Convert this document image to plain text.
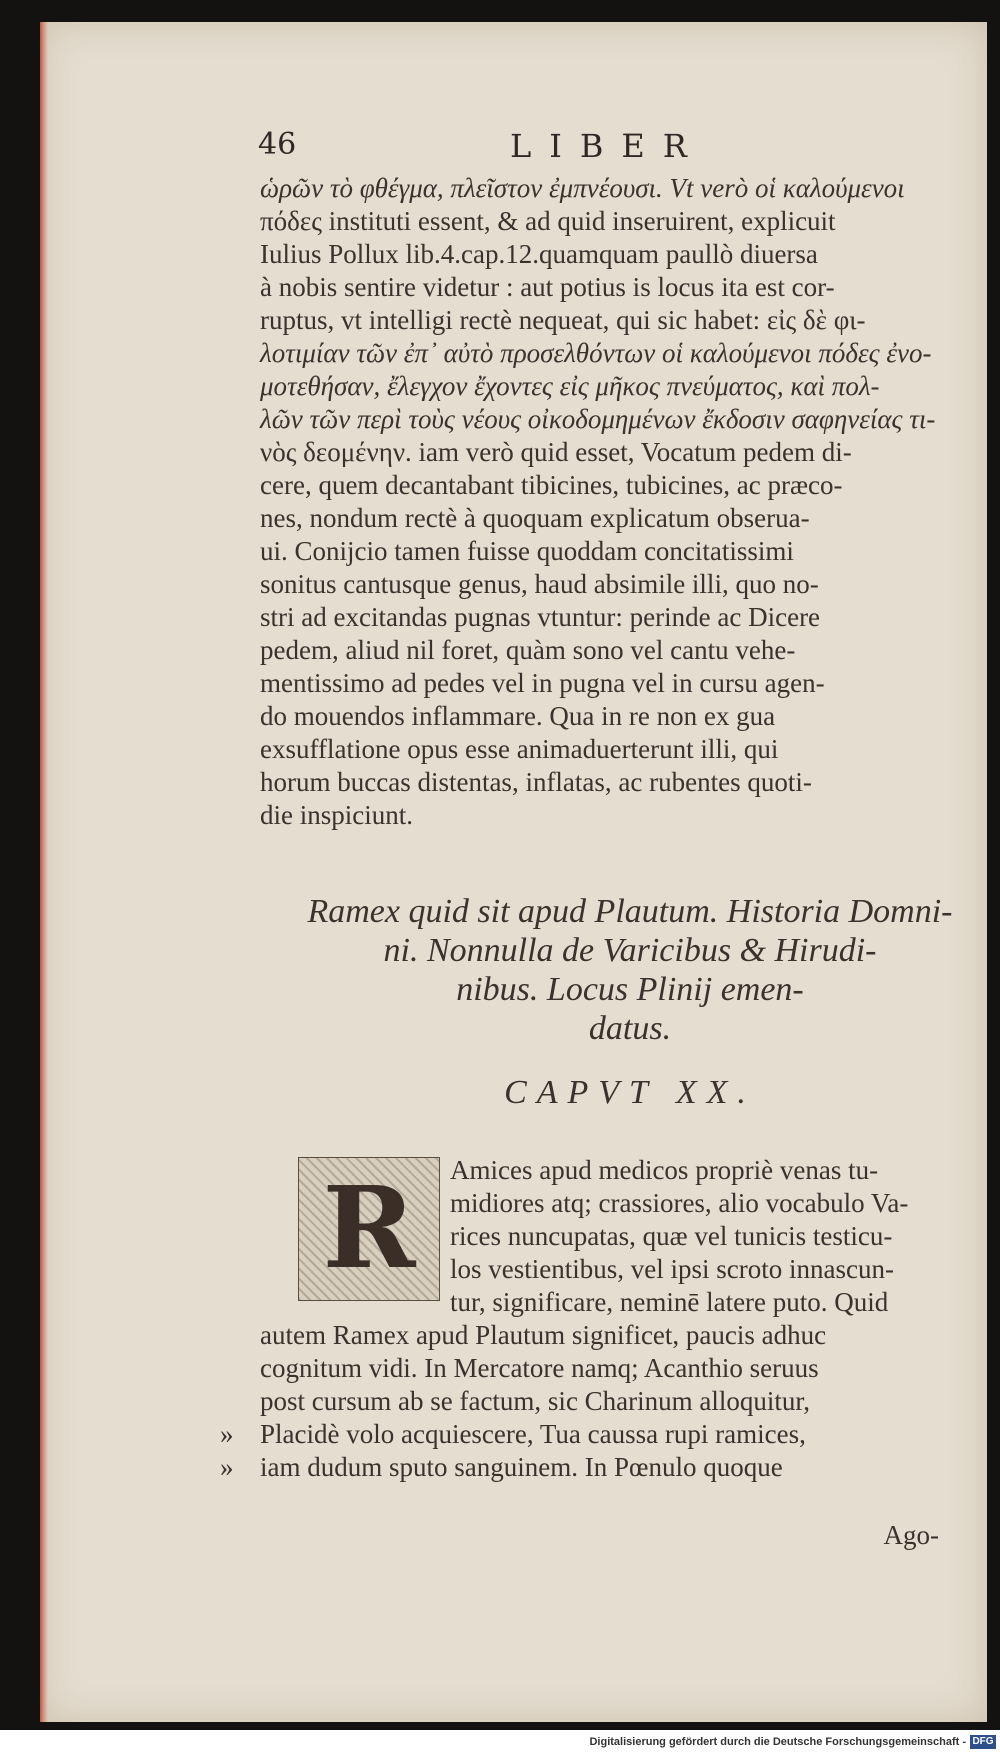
46	LIBER
ὡρῶν τὸ φθέγμα, πλεῖστον ἐμπνέουσι. Vt verò οἱ καλούμενοι
πόδες instituti essent, & ad quid inseruirent, explicuit
Iulius Pollux lib.4.cap.12.quamquam paullò diuersa
à nobis sentire videtur : aut potius is locus ita est cor-
ruptus, vt intelligi rectè nequeat, qui sic habet: εἰς δὲ φι-
λοτιμίαν τῶν ἐπ᾽ αὐτὸ προσελθόντων οἱ καλούμενοι πόδες ἐνο-
μοτεθήσαν, ἔλεγχον ἔχοντες εἰς μῆκος πνεύματος, καὶ πολ-
λῶν τῶν περὶ τοὺς νέους οἰκοδομημένων ἔκδοσιν σαφηνείας τι-
νὸς δεομένην. iam verò quid esset, Vocatum pedem di-
cere, quem decantabant tibicines, tubicines, ac præco-
nes, nondum rectè à quoquam explicatum obserua-
ui. Conijcio tamen fuisse quoddam concitatissimi
sonitus cantusque genus, haud absimile illi, quo no-
stri ad excitandas pugnas vtuntur: perinde ac Dicere
pedem, aliud nil foret, quàm sono vel cantu vehe-
mentissimo ad pedes vel in pugna vel in cursu agen-
do mouendos inflammare. Qua in re non ex gua
exsufflatione opus esse animaduerterunt illi, qui
horum buccas distentas, inflatas, ac rubentes quoti-
die inspiciunt.
Ramex quid sit apud Plautum. Historia Domni-
ni. Nonnulla de Varicibus & Hirudi-
nibus. Locus Plinij emen-
datus.
CAPVT XX.
R Amices apud medicos propriè venas tu-
midiores atq; crassiores, alio vocabulo Va-
rices nuncupatas, quæ vel tunicis testicu-
los vestientibus, vel ipsi scroto innascun-
tur, significare, neminē latere puto. Quid
autem Ramex apud Plautum significet, paucis adhuc
cognitum vidi. In Mercatore namq; Acanthio seruus
post cursum ab se factum, sic Charinum alloquitur,
» Placidè volo acquiescere, Tua caussa rupi ramices,
» iam dudum sputo sanguinem. In Pœnulo quoque
Ago-
Digitalisierung gefördert durch die Deutsche Forschungsgemeinschaft - DFG
